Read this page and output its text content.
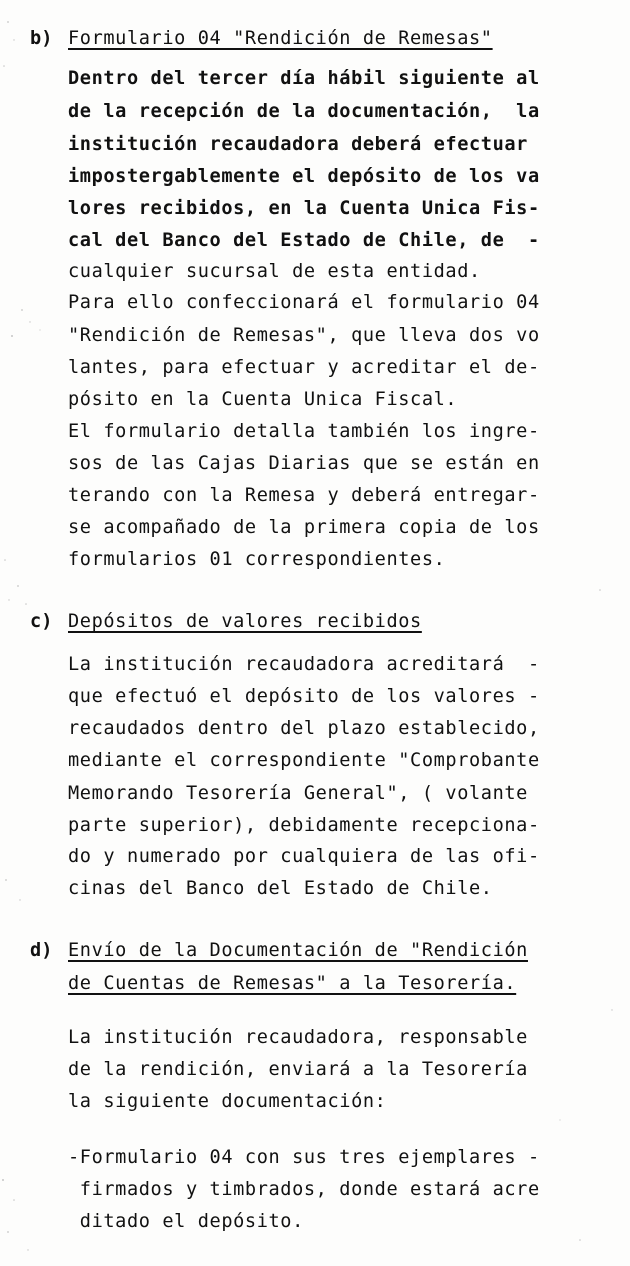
b) Formulario 04 "Rendición de Remesas"
Dentro del tercer día hábil siguiente al
de la recepción de la documentación,  la
institución recaudadora deberá efectuar
impostergablemente el depósito de los va
lores recibidos, en la Cuenta Unica Fis-
cal del Banco del Estado de Chile, de  -
cualquier sucursal de esta entidad.
Para ello confeccionará el formulario 04
"Rendición de Remesas", que lleva dos vo
lantes, para efectuar y acreditar el de-
pósito en la Cuenta Unica Fiscal.
El formulario detalla también los ingre-
sos de las Cajas Diarias que se están en
terando con la Remesa y deberá entregar-
se acompañado de la primera copia de los
formularios 01 correspondientes.
c) Depósitos de valores recibidos
La institución recaudadora acreditará  -
que efectuó el depósito de los valores -
recaudados dentro del plazo establecido,
mediante el correspondiente "Comprobante
Memorando Tesorería General", ( volante
parte superior), debidamente recepciona-
do y numerado por cualquiera de las ofi-
cinas del Banco del Estado de Chile.
d) Envío de la Documentación de "Rendición
de Cuentas de Remesas" a la Tesorería.
La institución recaudadora, responsable
de la rendición, enviará a la Tesorería
la siguiente documentación:
-Formulario 04 con sus tres ejemplares -
firmados y timbrados, donde estará acre
ditado el depósito.
